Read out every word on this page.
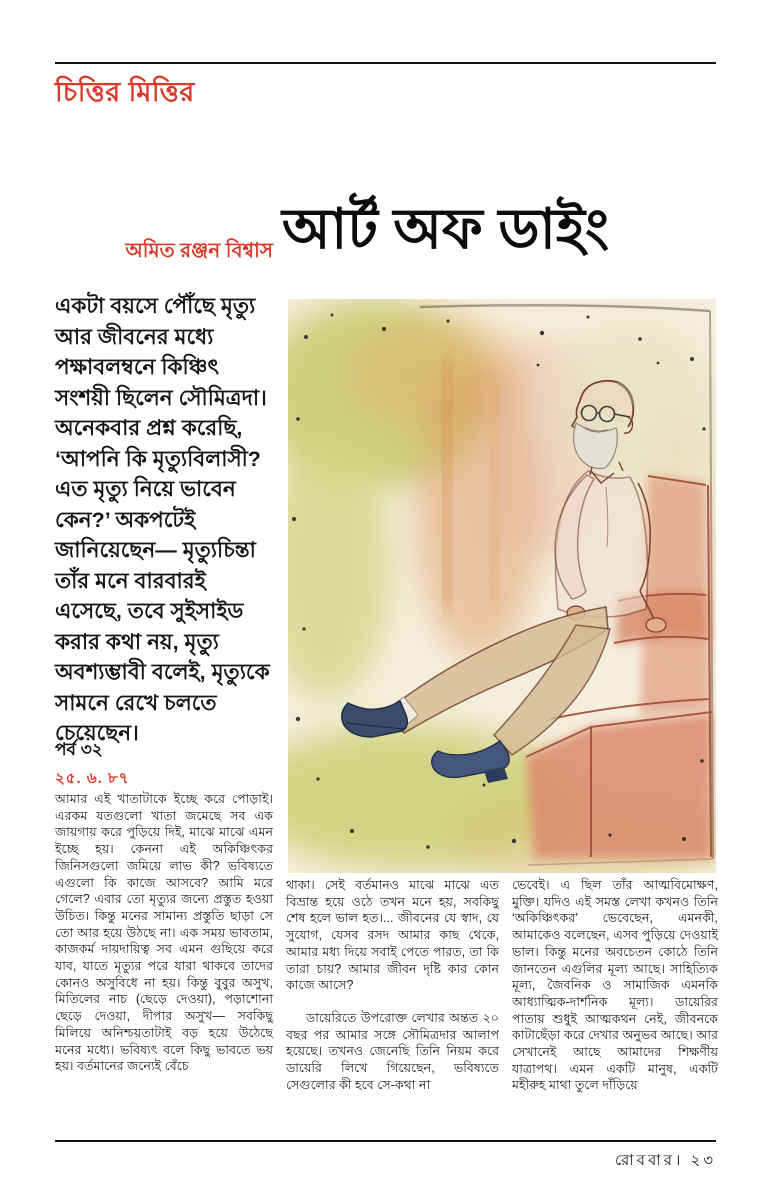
চিত্তির মিত্তির
অমিত রঞ্জন বিশ্বাস আর্ট অফ ডাইং
একটা বয়সে পৌঁছে মৃত্যু আর জীবনের মধ্যে পক্ষাবলম্বনে কিঞ্চিৎ সংশয়ী ছিলেন সৌমিত্রদা। অনেকবার প্রশ্ন করেছি, ‘আপনি কি মৃত্যুবিলাসী? এত মৃত্যু নিয়ে ভাবেন কেন?’ অকপটেই জানিয়েছেন— মৃত্যুচিন্তা তাঁর মনে বারবারই এসেছে, তবে সুইসাইড করার কথা নয়, মৃত্যু অবশ্যম্ভাবী বলেই, মৃত্যুকে সামনে রেখে চলতে চেয়েছেন।
পর্ব ৩২
২৫. ৬. ৮৭
আমার এই খাতাটাকে ইচ্ছে করে পোড়াই। এরকম যতগুলো খাতা জমেছে সব এক জায়গায় করে পুড়িয়ে দিই, মাঝে মাঝে এমন ইচ্ছে হয়। কেননা এই অকিঞ্চিৎকর জিনিসগুলো জমিয়ে লাভ কী? ভবিষ্যতে এগুলো কি কাজে আসবে? আমি মরে গেলে? এবার তো মৃত্যুর জন্যে প্রস্তুত হওয়া উচিত। কিন্তু মনের সামান্য প্রস্তুতি ছাড়া সে তো আর হয়ে উঠছে না। এক সময় ভাবতাম, কাজকর্ম দায়দায়িত্ব সব এমন গুছিয়ে করে যাব, যাতে মৃত্যুর পরে যারা থাকবে তাদের কোনও অসুবিধে না হয়। কিন্তু বুবুর অসুখ, মিতিলের নাচ (ছেড়ে দেওয়া), পড়াশোনা ছেড়ে দেওয়া, দীপার অসুখ— সবকিছু মিলিয়ে অনিশ্চয়তাটাই বড় হয়ে উঠেছে মনের মধ্যে। ভবিষ্যৎ বলে কিছু ভাবতে ভয় হয়। বর্তমানের জন্যেই বেঁচে

থাকা। সেই বর্তমানও মাঝে মাঝে এত বিভ্রান্ত হয়ে ওঠে তখন মনে হয়, সবকিছু শেষ হলে ভাল হত।... জীবনের যে স্বাদ, যে সুযোগ, যেসব রসদ আমার কাছ থেকে, আমার মধ্য দিয়ে সবাই পেতে পারত, তা কি তারা চায়? আমার জীবন দৃষ্টি কার কোন কাজে আসে?

ডায়েরিতে উপরোক্ত লেখার অন্তত ২০ বছর পর আমার সঙ্গে সৌমিত্রদার আলাপ হয়েছে। তখনও জেনেছি তিনি নিয়ম করে ডায়েরি লিখে গিয়েছেন, ভবিষ্যতে সেগুলোর কী হবে সে-কথা না

ভেবেই। এ ছিল তাঁর আত্মবিমোক্ষণ, মুক্তি। যদিও এই সমস্ত লেখা কখনও তিনি ‘অকিঞ্চিৎকর’ ভেবেছেন, এমনকী, আমাকেও বলেছেন, এসব পুড়িয়ে দেওয়াই ভাল। কিন্তু মনের অবচেতন কোঠে তিনি জানতেন এগুলির মূল্য আছে। সাহিত্যিক মূল্য, জৈবনিক ও সামাজিক এমনকি আধ্যাত্মিক-দার্শনিক মূল্য। ডায়েরির পাতায় শুধুই আত্মকথন নেই, জীবনকে কাটাছেঁড়া করে দেখার অনুভব আছে। আর সেখানেই আছে আমাদের শিক্ষণীয় যাত্রাপথ। এমন একটি মানুষ, একটি মহীরুহ মাথা তুলে দাঁড়িয়ে
রোববার। ২৩
